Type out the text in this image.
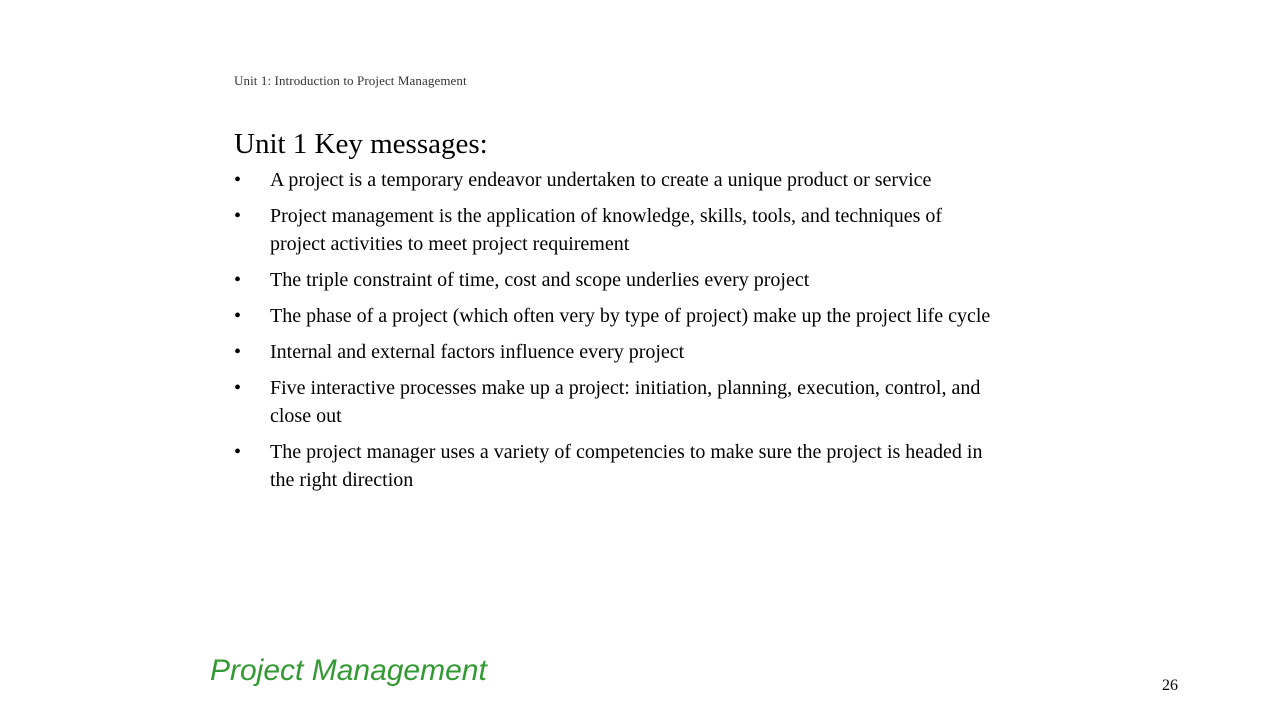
Unit 1: Introduction to Project Management
Unit 1 Key messages:
•	A project is a temporary endeavor undertaken to create a unique product or service
•	Project management is the application of knowledge, skills, tools, and techniques of project activities to meet project requirement
•	The triple constraint of time, cost and scope underlies every project
•	The phase of a project (which often very by type of project) make up the project life cycle
•	Internal and external factors influence every project
•	Five interactive processes make up a project: initiation, planning, execution, control, and close out
•	The project manager uses a variety of competencies to make sure the project is headed in the right direction
Project Management	26
